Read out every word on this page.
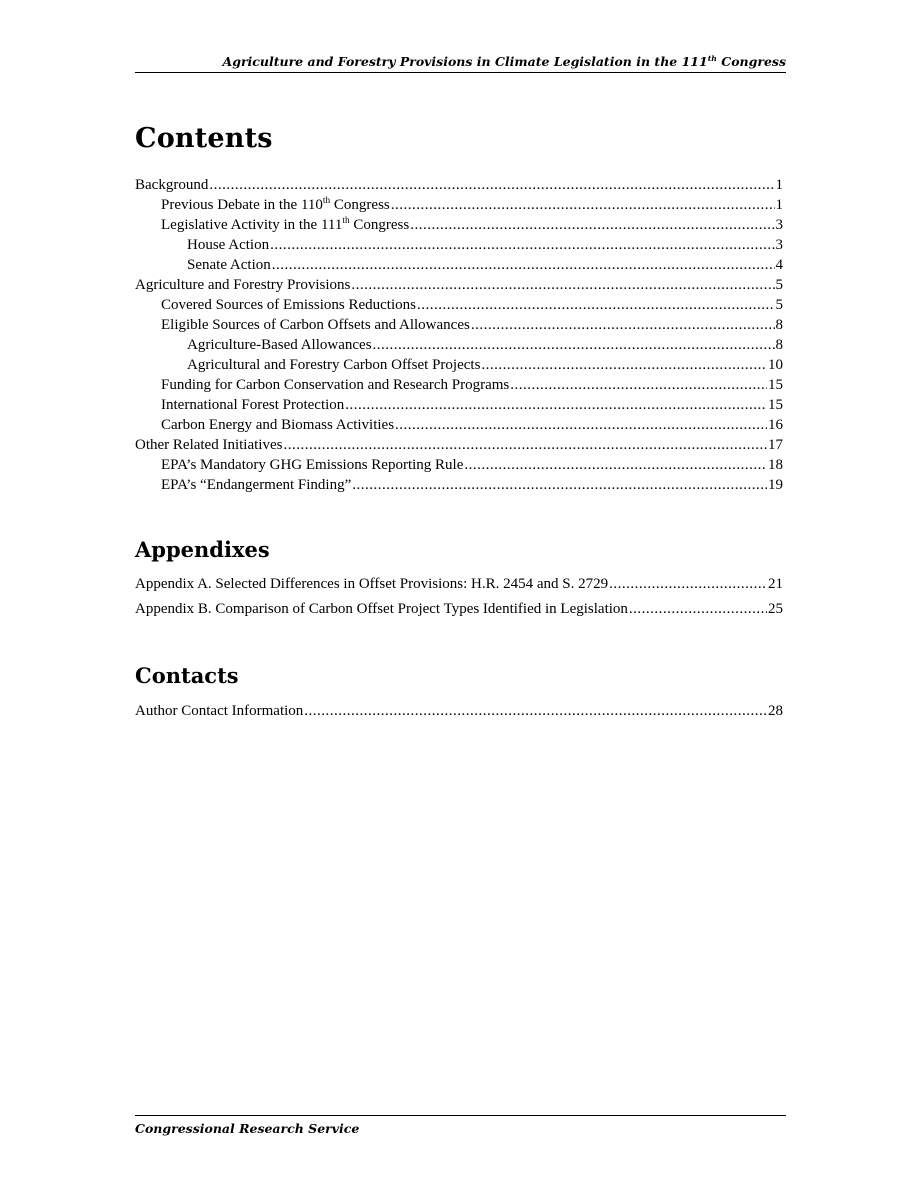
Agriculture and Forestry Provisions in Climate Legislation in the 111th Congress
Contents
Background .....	1
Previous Debate in the 110th Congress .....	1
Legislative Activity in the 111th Congress .....	3
House Action .....	3
Senate Action .....	4
Agriculture and Forestry Provisions .....	5
Covered Sources of Emissions Reductions .....	5
Eligible Sources of Carbon Offsets and Allowances .....	8
Agriculture-Based Allowances .....	8
Agricultural and Forestry Carbon Offset Projects .....	10
Funding for Carbon Conservation and Research Programs .....	15
International Forest Protection .....	15
Carbon Energy and Biomass Activities .....	16
Other Related Initiatives .....	17
EPA’s Mandatory GHG Emissions Reporting Rule .....	18
EPA’s “Endangerment Finding” .....	19
Appendixes
Appendix A. Selected Differences in Offset Provisions: H.R. 2454 and S. 2729 .....	21
Appendix B. Comparison of Carbon Offset Project Types Identified in Legislation .....	25
Contacts
Author Contact Information .....	28
Congressional Research Service
